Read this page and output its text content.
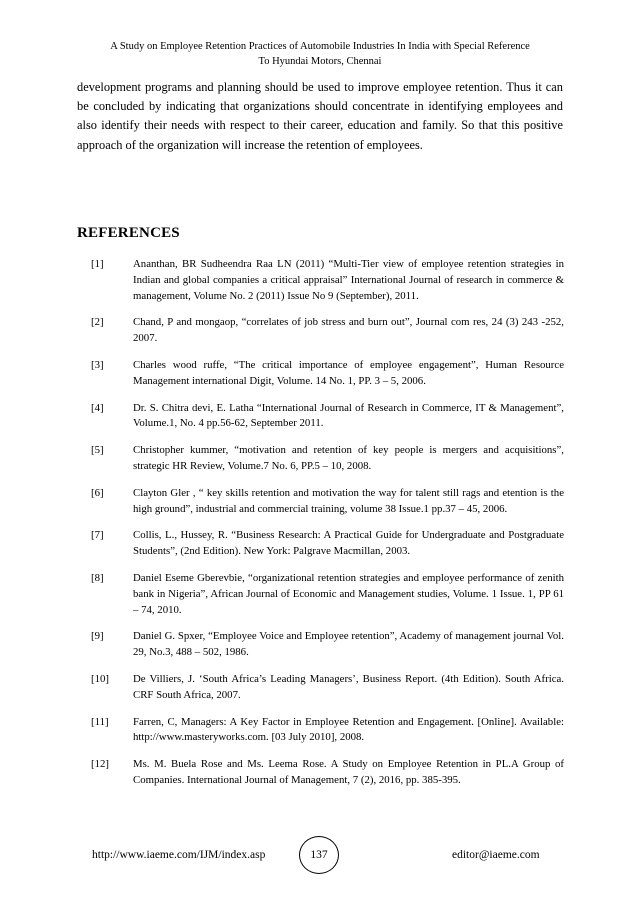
A Study on Employee Retention Practices of Automobile Industries In India with Special Reference
To Hyundai Motors, Chennai

development programs and planning should be used to improve employee retention. Thus it can be concluded by indicating that organizations should concentrate in identifying employees and also identify their needs with respect to their career, education and family. So that this positive approach of the organization will increase the retention of employees.

REFERENCES
[1]	Ananthan, BR Sudheendra Raa LN (2011) “Multi-Tier view of employee retention strategies in Indian and global companies a critical appraisal” International Journal of research in commerce & management, Volume No. 2 (2011) Issue No 9 (September), 2011.
[2]	Chand, P and mongaop, “correlates of job stress and burn out”, Journal com res, 24 (3) 243 -252, 2007.
[3]	Charles wood ruffe, “The critical importance of employee engagement”, Human Resource Management international Digit, Volume. 14 No. 1, PP. 3 – 5, 2006.
[4]	Dr. S. Chitra devi, E. Latha “International Journal of Research in Commerce, IT & Management”, Volume.1, No. 4 pp.56-62, September 2011.
[5]	Christopher kummer, “motivation and retention of key people is mergers and acquisitions”, strategic HR Review, Volume.7 No. 6, PP.5 – 10, 2008.
[6]	Clayton Gler , “ key skills retention and motivation the way for talent still rags and etention is the high ground”, industrial and commercial training, volume 38 Issue.1 pp.37 – 45, 2006.
[7]	Collis, L., Hussey, R. “Business Research: A Practical Guide for Undergraduate and Postgraduate Students”, (2nd Edition). New York: Palgrave Macmillan, 2003.
[8]	Daniel Eseme Gberevbie, “organizational retention strategies and employee performance of zenith bank in Nigeria”, African Journal of Economic and Management studies, Volume. 1 Issue. 1, PP 61 – 74, 2010.
[9]	Daniel G. Spxer, “Employee Voice and Employee retention”, Academy of management journal Vol. 29, No.3, 488 – 502, 1986.
[10]	De Villiers, J. ‘South Africa’s Leading Managers’, Business Report. (4th Edition). South Africa. CRF South Africa, 2007.
[11]	Farren, C, Managers: A Key Factor in Employee Retention and Engagement. [Online]. Available: http://www.masteryworks.com. [03 July 2010], 2008.
[12]	Ms. M. Buela Rose and Ms. Leema Rose. A Study on Employee Retention in PL.A Group of Companies. International Journal of Management, 7 (2), 2016, pp. 385-395.
http://www.iaeme.com/IJM/index.asp	137	editor@iaeme.com
